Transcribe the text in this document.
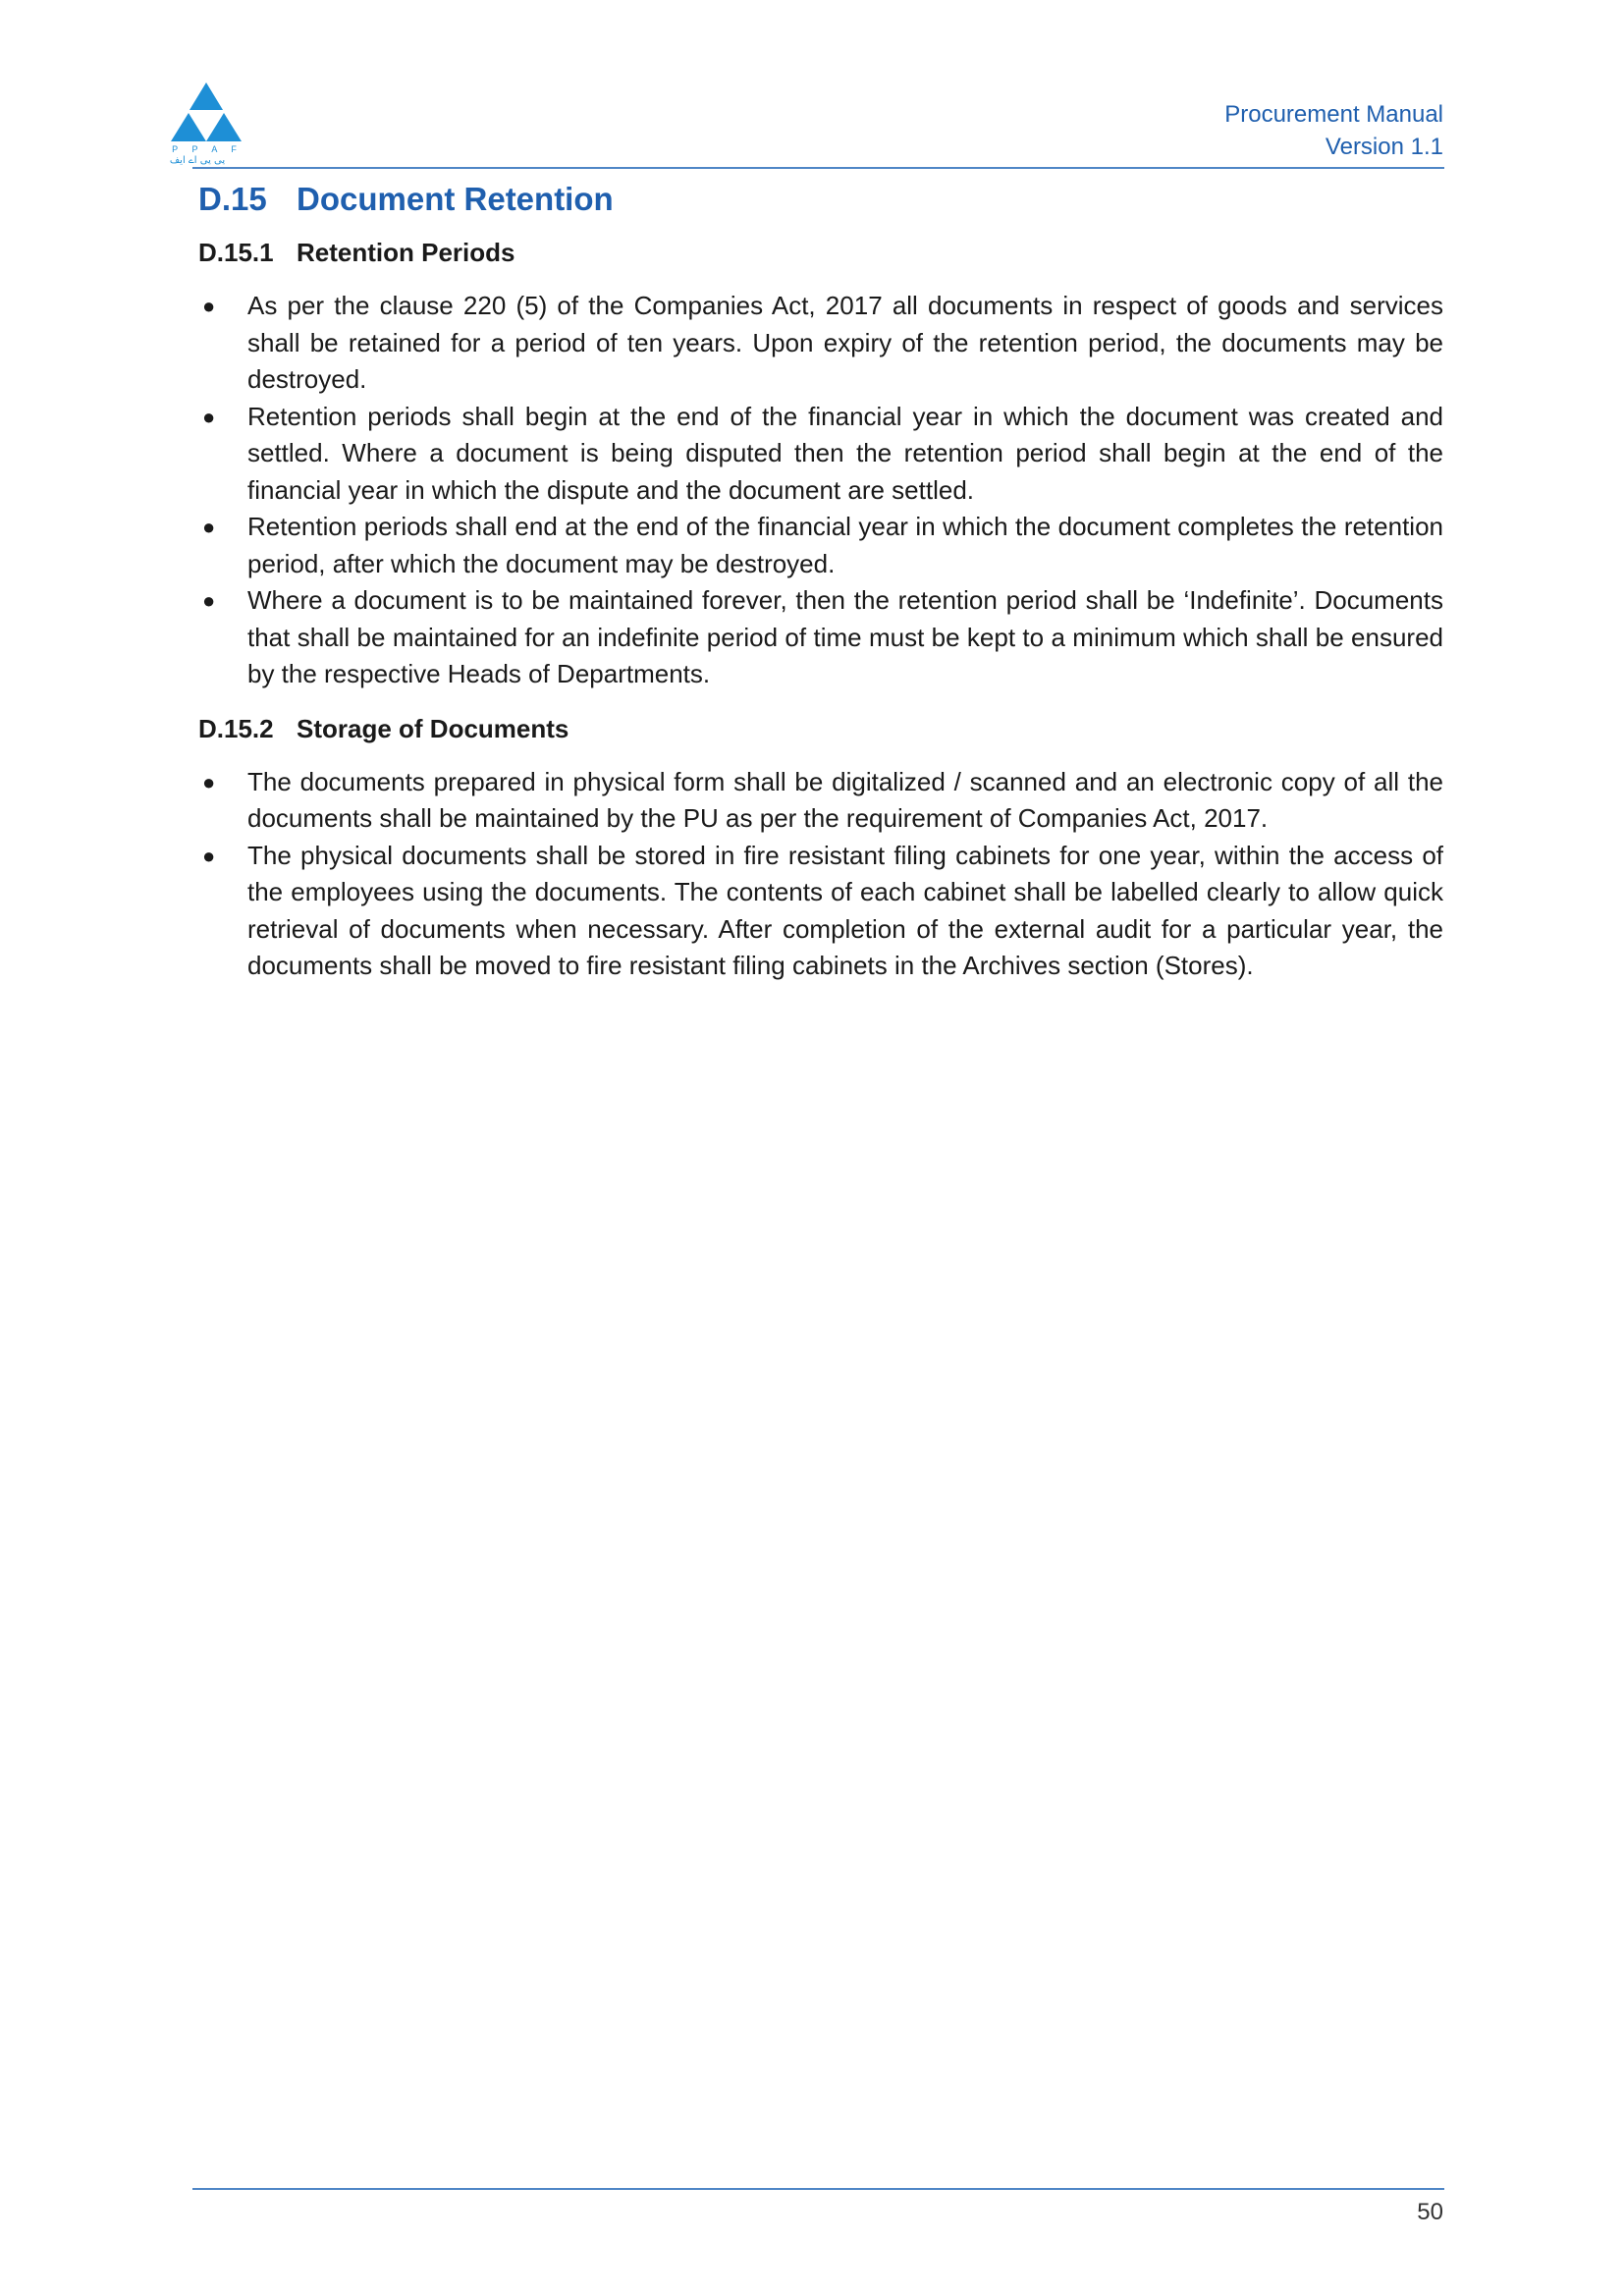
P P A F
پی پی اے ایف
Procurement Manual
Version 1.1
D.15 Document Retention
D.15.1 Retention Periods
● As per the clause 220 (5) of the Companies Act, 2017 all documents in respect of goods and services shall be retained for a period of ten years. Upon expiry of the retention period, the documents may be destroyed.
● Retention periods shall begin at the end of the financial year in which the document was created and settled. Where a document is being disputed then the retention period shall begin at the end of the financial year in which the dispute and the document are settled.
● Retention periods shall end at the end of the financial year in which the document completes the retention period, after which the document may be destroyed.
● Where a document is to be maintained forever, then the retention period shall be ‘Indefinite’. Documents that shall be maintained for an indefinite period of time must be kept to a minimum which shall be ensured by the respective Heads of Departments.
D.15.2 Storage of Documents
● The documents prepared in physical form shall be digitalized / scanned and an electronic copy of all the documents shall be maintained by the PU as per the requirement of Companies Act, 2017.
● The physical documents shall be stored in fire resistant filing cabinets for one year, within the access of the employees using the documents. The contents of each cabinet shall be labelled clearly to allow quick retrieval of documents when necessary. After completion of the external audit for a particular year, the documents shall be moved to fire resistant filing cabinets in the Archives section (Stores).
50
